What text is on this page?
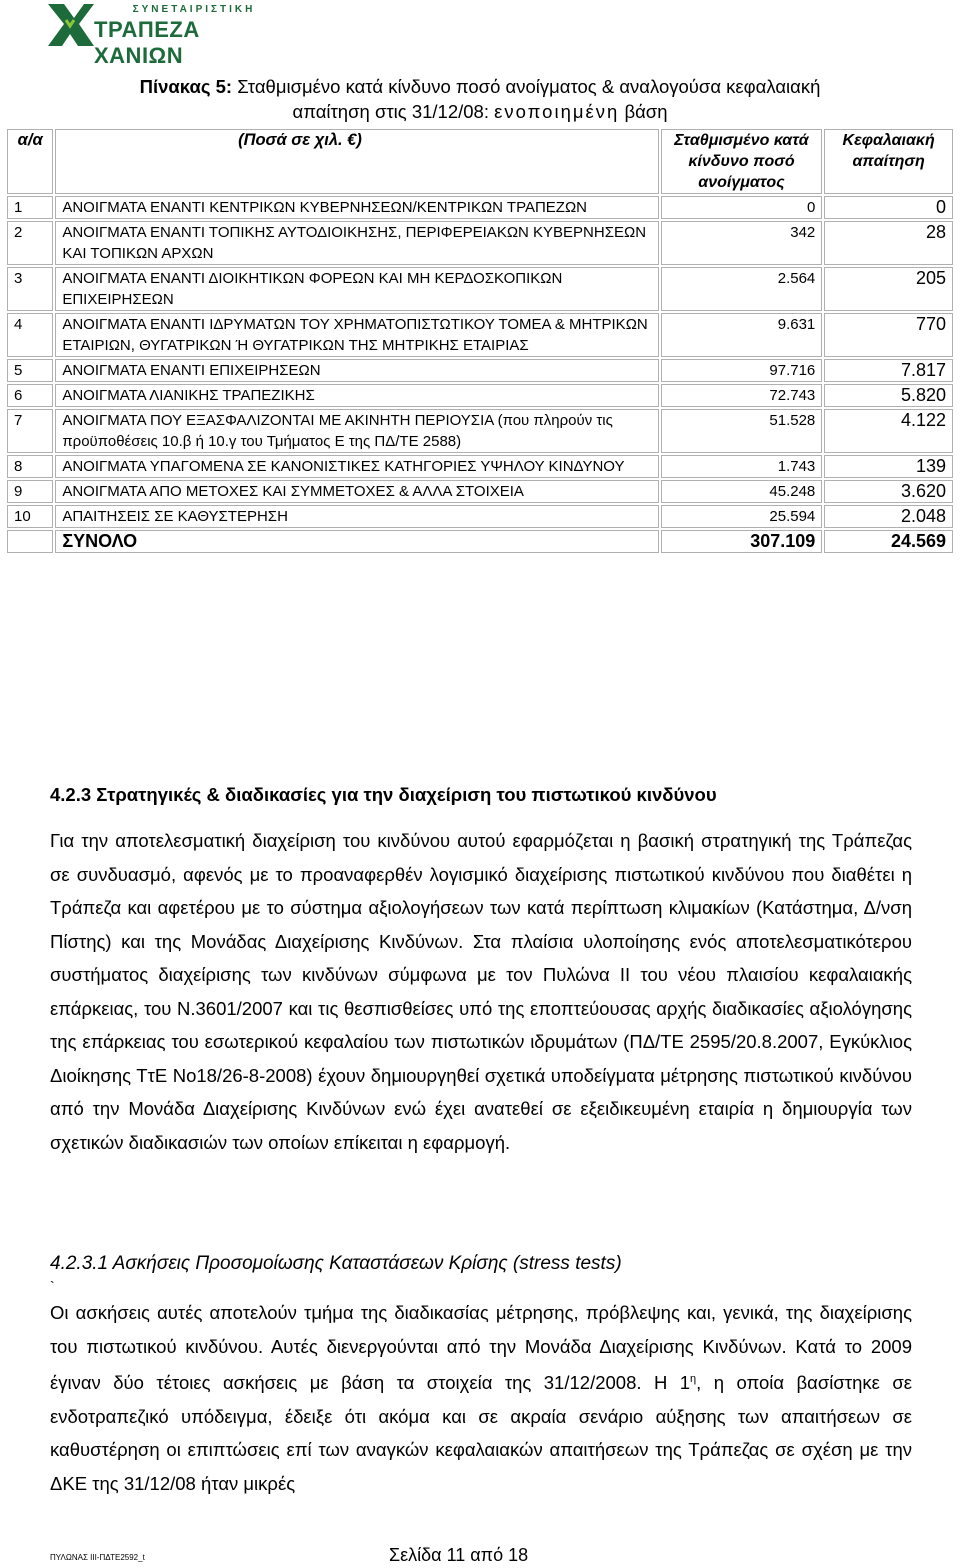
ΣΥΝΕΤΑΙΡΙΣΤΙΚΗ
ΤΡΑΠΕΖΑ ΧΑΝΙΩΝ
Πίνακας 5: Σταθμισμένο κατά κίνδυνο ποσό ανοίγματος & αναλογούσα κεφαλαιακή
απαίτηση στις 31/12/08: ενοποιημένη βάση
α/α	(Ποσά σε χιλ. €)	Σταθμισμένο κατά κίνδυνο ποσό ανοίγματος	Κεφαλαιακή απαίτηση
1	ΑΝΟΙΓΜΑΤΑ ΕΝΑΝΤΙ ΚΕΝΤΡΙΚΩΝ ΚΥΒΕΡΝΗΣΕΩΝ/ΚΕΝΤΡΙΚΩΝ ΤΡΑΠΕΖΩΝ	0	0
2	ΑΝΟΙΓΜΑΤΑ ΕΝΑΝΤΙ ΤΟΠΙΚΗΣ ΑΥΤΟΔΙΟΙΚΗΣΗΣ, ΠΕΡΙΦΕΡΕΙΑΚΩΝ ΚΥΒΕΡΝΗΣΕΩΝ ΚΑΙ ΤΟΠΙΚΩΝ ΑΡΧΩΝ	342	28
3	ΑΝΟΙΓΜΑΤΑ ΕΝΑΝΤΙ ΔΙΟΙΚΗΤΙΚΩΝ ΦΟΡΕΩΝ ΚΑΙ ΜΗ ΚΕΡΔΟΣΚΟΠΙΚΩΝ ΕΠΙΧΕΙΡΗΣΕΩΝ	2.564	205
4	ΑΝΟΙΓΜΑΤΑ ΕΝΑΝΤΙ ΙΔΡΥΜΑΤΩΝ ΤΟΥ ΧΡΗΜΑΤΟΠΙΣΤΩΤΙΚΟΥ ΤΟΜΕΑ & ΜΗΤΡΙΚΩΝ ΕΤΑΙΡΙΩΝ, ΘΥΓΑΤΡΙΚΩΝ Ή ΘΥΓΑΤΡΙΚΩΝ ΤΗΣ ΜΗΤΡΙΚΗΣ ΕΤΑΙΡΙΑΣ	9.631	770
5	ΑΝΟΙΓΜΑΤΑ ΕΝΑΝΤΙ ΕΠΙΧΕΙΡΗΣΕΩΝ	97.716	7.817
6	ΑΝΟΙΓΜΑΤΑ ΛΙΑΝΙΚΗΣ ΤΡΑΠΕΖΙΚΗΣ	72.743	5.820
7	ΑΝΟΙΓΜΑΤΑ ΠΟΥ ΕΞΑΣΦΑΛΙΖΟΝΤΑΙ ΜΕ ΑΚΙΝΗΤΗ ΠΕΡΙΟΥΣΙΑ (που πληρούν τις προϋποθέσεις 10.β ή 10.γ του Τμήματος Ε της ΠΔ/ΤΕ 2588)	51.528	4.122
8	ΑΝΟΙΓΜΑΤΑ ΥΠΑΓΟΜΕΝΑ ΣΕ ΚΑΝΟΝΙΣΤΙΚΕΣ ΚΑΤΗΓΟΡΙΕΣ ΥΨΗΛΟΥ ΚΙΝΔΥΝΟΥ	1.743	139
9	ΑΝΟΙΓΜΑΤΑ ΑΠΟ ΜΕΤΟΧΕΣ ΚΑΙ ΣΥΜΜΕΤΟΧΕΣ & ΑΛΛΑ ΣΤΟΙΧΕΙΑ	45.248	3.620
10	ΑΠΑΙΤΗΣΕΙΣ ΣΕ ΚΑΘΥΣΤΕΡΗΣΗ	25.594	2.048
	ΣΥΝΟΛΟ	307.109	24.569
4.2.3 Στρατηγικές & διαδικασίες για την διαχείριση του πιστωτικού κινδύνου

Για την αποτελεσματική διαχείριση του κινδύνου αυτού εφαρμόζεται η βασική στρατηγική της Τράπεζας σε συνδυασμό, αφενός με το προαναφερθέν λογισμικό διαχείρισης πιστωτικού κινδύνου που διαθέτει η Τράπεζα και αφετέρου με το σύστημα αξιολογήσεων των κατά περίπτωση κλιμακίων (Κατάστημα, Δ/νση Πίστης) και της Μονάδας Διαχείρισης Κινδύνων. Στα πλαίσια υλοποίησης ενός αποτελεσματικότερου συστήματος διαχείρισης των κινδύνων σύμφωνα με τον Πυλώνα ΙΙ του νέου πλαισίου κεφαλαιακής επάρκειας, του Ν.3601/2007 και τις θεσπισθείσες υπό της εποπτεύουσας αρχής διαδικασίες αξιολόγησης της επάρκειας του εσωτερικού κεφαλαίου των πιστωτικών ιδρυμάτων (ΠΔ/ΤΕ 2595/20.8.2007, Εγκύκλιος Διοίκησης ΤτΕ Νο18/26-8-2008) έχουν δημιουργηθεί σχετικά υποδείγματα μέτρησης πιστωτικού κινδύνου από την Μονάδα Διαχείρισης Κινδύνων ενώ έχει ανατεθεί σε εξειδικευμένη εταιρία η δημιουργία των σχετικών διαδικασιών των οποίων επίκειται η εφαρμογή.

4.2.3.1 Ασκήσεις Προσομοίωσης Καταστάσεων Κρίσης (stress tests)
`

Οι ασκήσεις αυτές αποτελούν τμήμα της διαδικασίας μέτρησης, πρόβλεψης και, γενικά, της διαχείρισης του πιστωτικού κινδύνου. Αυτές διενεργούνται από την Μονάδα Διαχείρισης Κινδύνων. Κατά το 2009 έγιναν δύο τέτοιες ασκήσεις με βάση τα στοιχεία της 31/12/2008. Η $1^\eta$, η οποία βασίστηκε σε ενδοτραπεζικό υπόδειγμα, έδειξε ότι ακόμα και σε ακραία σενάριο αύξησης των απαιτήσεων σε καθυστέρηση οι επιπτώσεις επί των αναγκών κεφαλαιακών απαιτήσεων της Τράπεζας σε σχέση με την ΔΚΕ της 31/12/08 ήταν μικρές

ΠΥΛΩΝΑΣ ΙΙΙ-ΠΔΤΕ2592_t	Σελίδα 11 από 18
